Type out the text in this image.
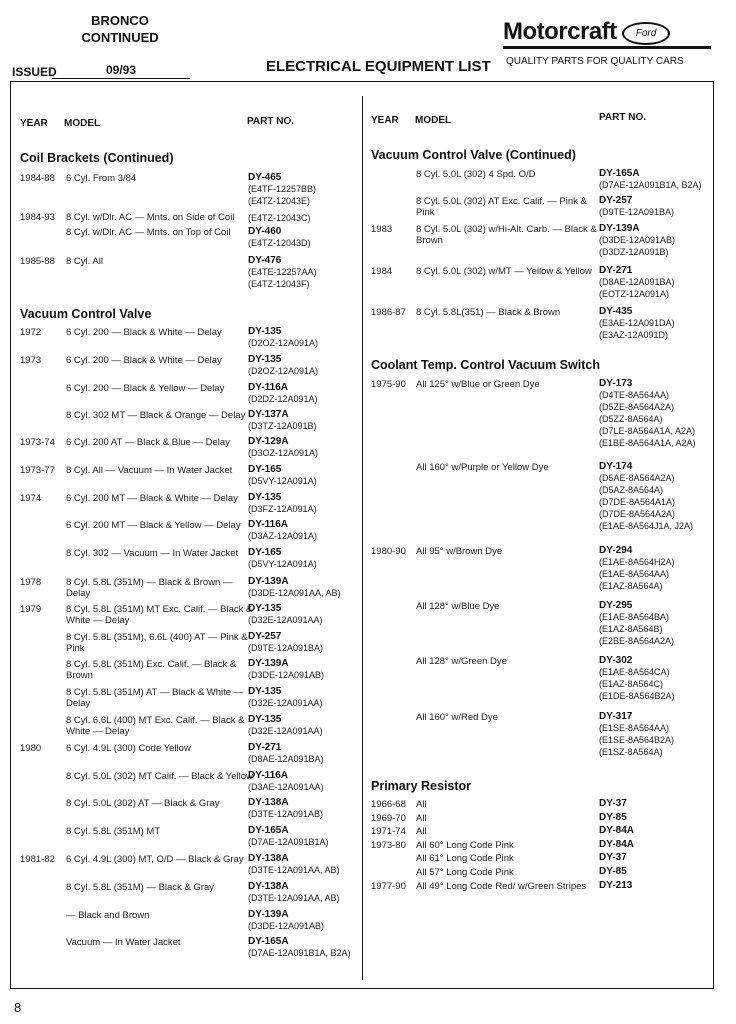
BRONCO
CONTINUED	Motorcraft	Ford
QUALITY PARTS FOR QUALITY CARS
ISSUED	09/93	ELECTRICAL EQUIPMENT LIST
YEAR MODEL	PART NO.	YEAR MODEL	PART NO.
Coil Brackets (Continued)
1984-88 6 Cyl. From 3/84	DY-465
(E4TF-12257BB)
(E4TZ-12043E)
1984-93 8 Cyl. w/Dlr. AC — Mnts. on Side of Coil (E4TZ-12043C)
8 Cyl. w/Dlr. AC — Mnts. on Top of Coil DY-460
(E4TZ-12043D)
1985-88 8 Cyl. All	DY-476
(E4TE-12257AA)
(E4TZ-12043F)
Vacuum Control Valve
1972	6 Cyl. 200 — Black & White — Delay	DY-135
(D2OZ-12A091A)
1973	6 Cyl. 200 — Black & White — Delay	DY-135
(D2OZ-12A091A)
6 Cyl. 200 — Black & Yellow — Delay DY-116A
(D2DZ-12A091A)
8 Cyl. 302 MT — Black & Orange — Delay DY-137A
(D3TZ-12A091B)
1973-74 6 Cyl. 200 AT — Black & Blue — Delay DY-129A
(D3OZ-12A091A)
1973-77 8 Cyl. All — Vacuum — In Water Jacket DY-165
(D5VY-12A091A)
1974	6 Cyl. 200 MT — Black & White — Delay DY-135
(D3FZ-12A091A)
6 Cyl. 200 MT — Black & Yellow — Delay DY-116A
(D3AZ-12A091A)
8 Cyl. 302 — Vacuum — In Water Jacket DY-165
(D5VY-12A091A)
1978	8 Cyl. 5.8L (351M) — Black & Brown —
Delay
DY-139A
(D3DE-12A091AA, AB)
1979	8 Cyl. 5.8L (351M) MT Exc. Calif. — Black &
White — Delay
DY-135
(D32E-12A091AA)
8 Cyl. 5.8L (351M), 6.6L (400) AT — Pink &
Pink
DY-257
(D9TE-12A091BA)
8 Cyl. 5.8L (351M) Exc. Calif. — Black &
Brown
DY-139A
(D3DE-12A091AB)
8 Cyl. 5.8L (351M) AT — Black & White —
Delay
DY-135
(D32E-12A091AA)
8 Cyl. 6.6L (400) MT Exc. Calif. — Black &
White — Delay
DY-135
(D32E-12A091AA)
1980	6 Cyl. 4.9L (300) Code Yellow	DY-271
(D8AE-12A091BA)
8 Cyl. 5.0L (302) MT Calif. — Black & Yellow
DY-116A
(D3AE-12A091AA)
8 Cyl. 5.0L (302) AT — Black & Gray	DY-138A
(D3TE-12A091AB)
8 Cyl. 5.8L (351M) MT	DY-165A
(D7AE-12A091B1A)
1981-82 6 Cyl. 4.9L (300) MT, O/D — Black & Gray DY-138A
(D3TE-12A091AA, AB)
8 Cyl. 5.8L (351M) — Black & Gray	DY-138A
(D3TE-12A091AA, AB)
— Black and Brown	DY-139A
(D3DE-12A091AB)
Vacuum — In Water Jacket	DY-165A
(D7AE-12A091B1A, B2A)
Vacuum Control Valve (Continued)
8 Cyl. 5.0L (302) 4 Spd. O/D	DY-165A
(D7AE-12A091B1A, B2A)
8 Cyl. 5.0L (302) AT Exc. Calif. — Pink &
Pink
DY-257
(D9TE-12A091BA)
1983	8 Cyl. 5.0L (302) w/Hi-Alt. Carb. — Black &
Brown
DY-139A
(D3DE-12A091AB)
(D3DZ-12A091B)
1984	8 Cyl. 5.0L (302) w/MT — Yellow & Yellow DY-271
(D8AE-12A091BA)
(EOTZ-12A091A)
1986-87 8 Cyl. 5.8L(351) — Black & Brown	DY-435
(E3AE-12A091DA)
(E3AZ-12A091D)
Coolant Temp. Control Vacuum Switch
1975-90 All 125° w/Blue or Green Dye	DY-173
(D4TE-8A564AA)
(D5ZE-8A564A2A)
(D5ZZ-8A564A)
(D7LE-8A564A1A, A2A)
(E1BE-8A564A1A, A2A)
All 160° w/Purple or Yellow Dye	DY-174
(D5AE-8A564A2A)
(D5AZ-8A564A)
(D7DE-8A564A1A)
(D7DE-8A564A2A)
(E1AE-8A564J1A, J2A)
1980-90 All 95° w/Brown Dye	DY-294
(E1AE-8A564H2A)
(E1AE-8A564AA)
(E1AZ-8A564A)
All 128° w/Blue Dye	DY-295
(E1AE-8A564BA)
(E1AZ-8A564B)
(E2BE-8A564A2A)
All 128° w/Green Dye	DY-302
(E1AE-8A564CA)
(E1AZ-8A564C)
(E1DE-8A564B2A)
All 160° w/Red Dye	DY-317
(E1SE-8A564AA)
(E1SE-8A564B2A)
(E1SZ-8A564A)
Primary Resistor
1966-68 All	DY-37
1969-70 All	DY-85
1971-74 All	DY-84A
1973-80 All 60° Long Code Pink	DY-84A
All 61° Long Code Pink	DY-37
All 57° Long Code Pink	DY-85
1977-90 All 49° Long Code Red/ w/Green Stripes DY-213
8
